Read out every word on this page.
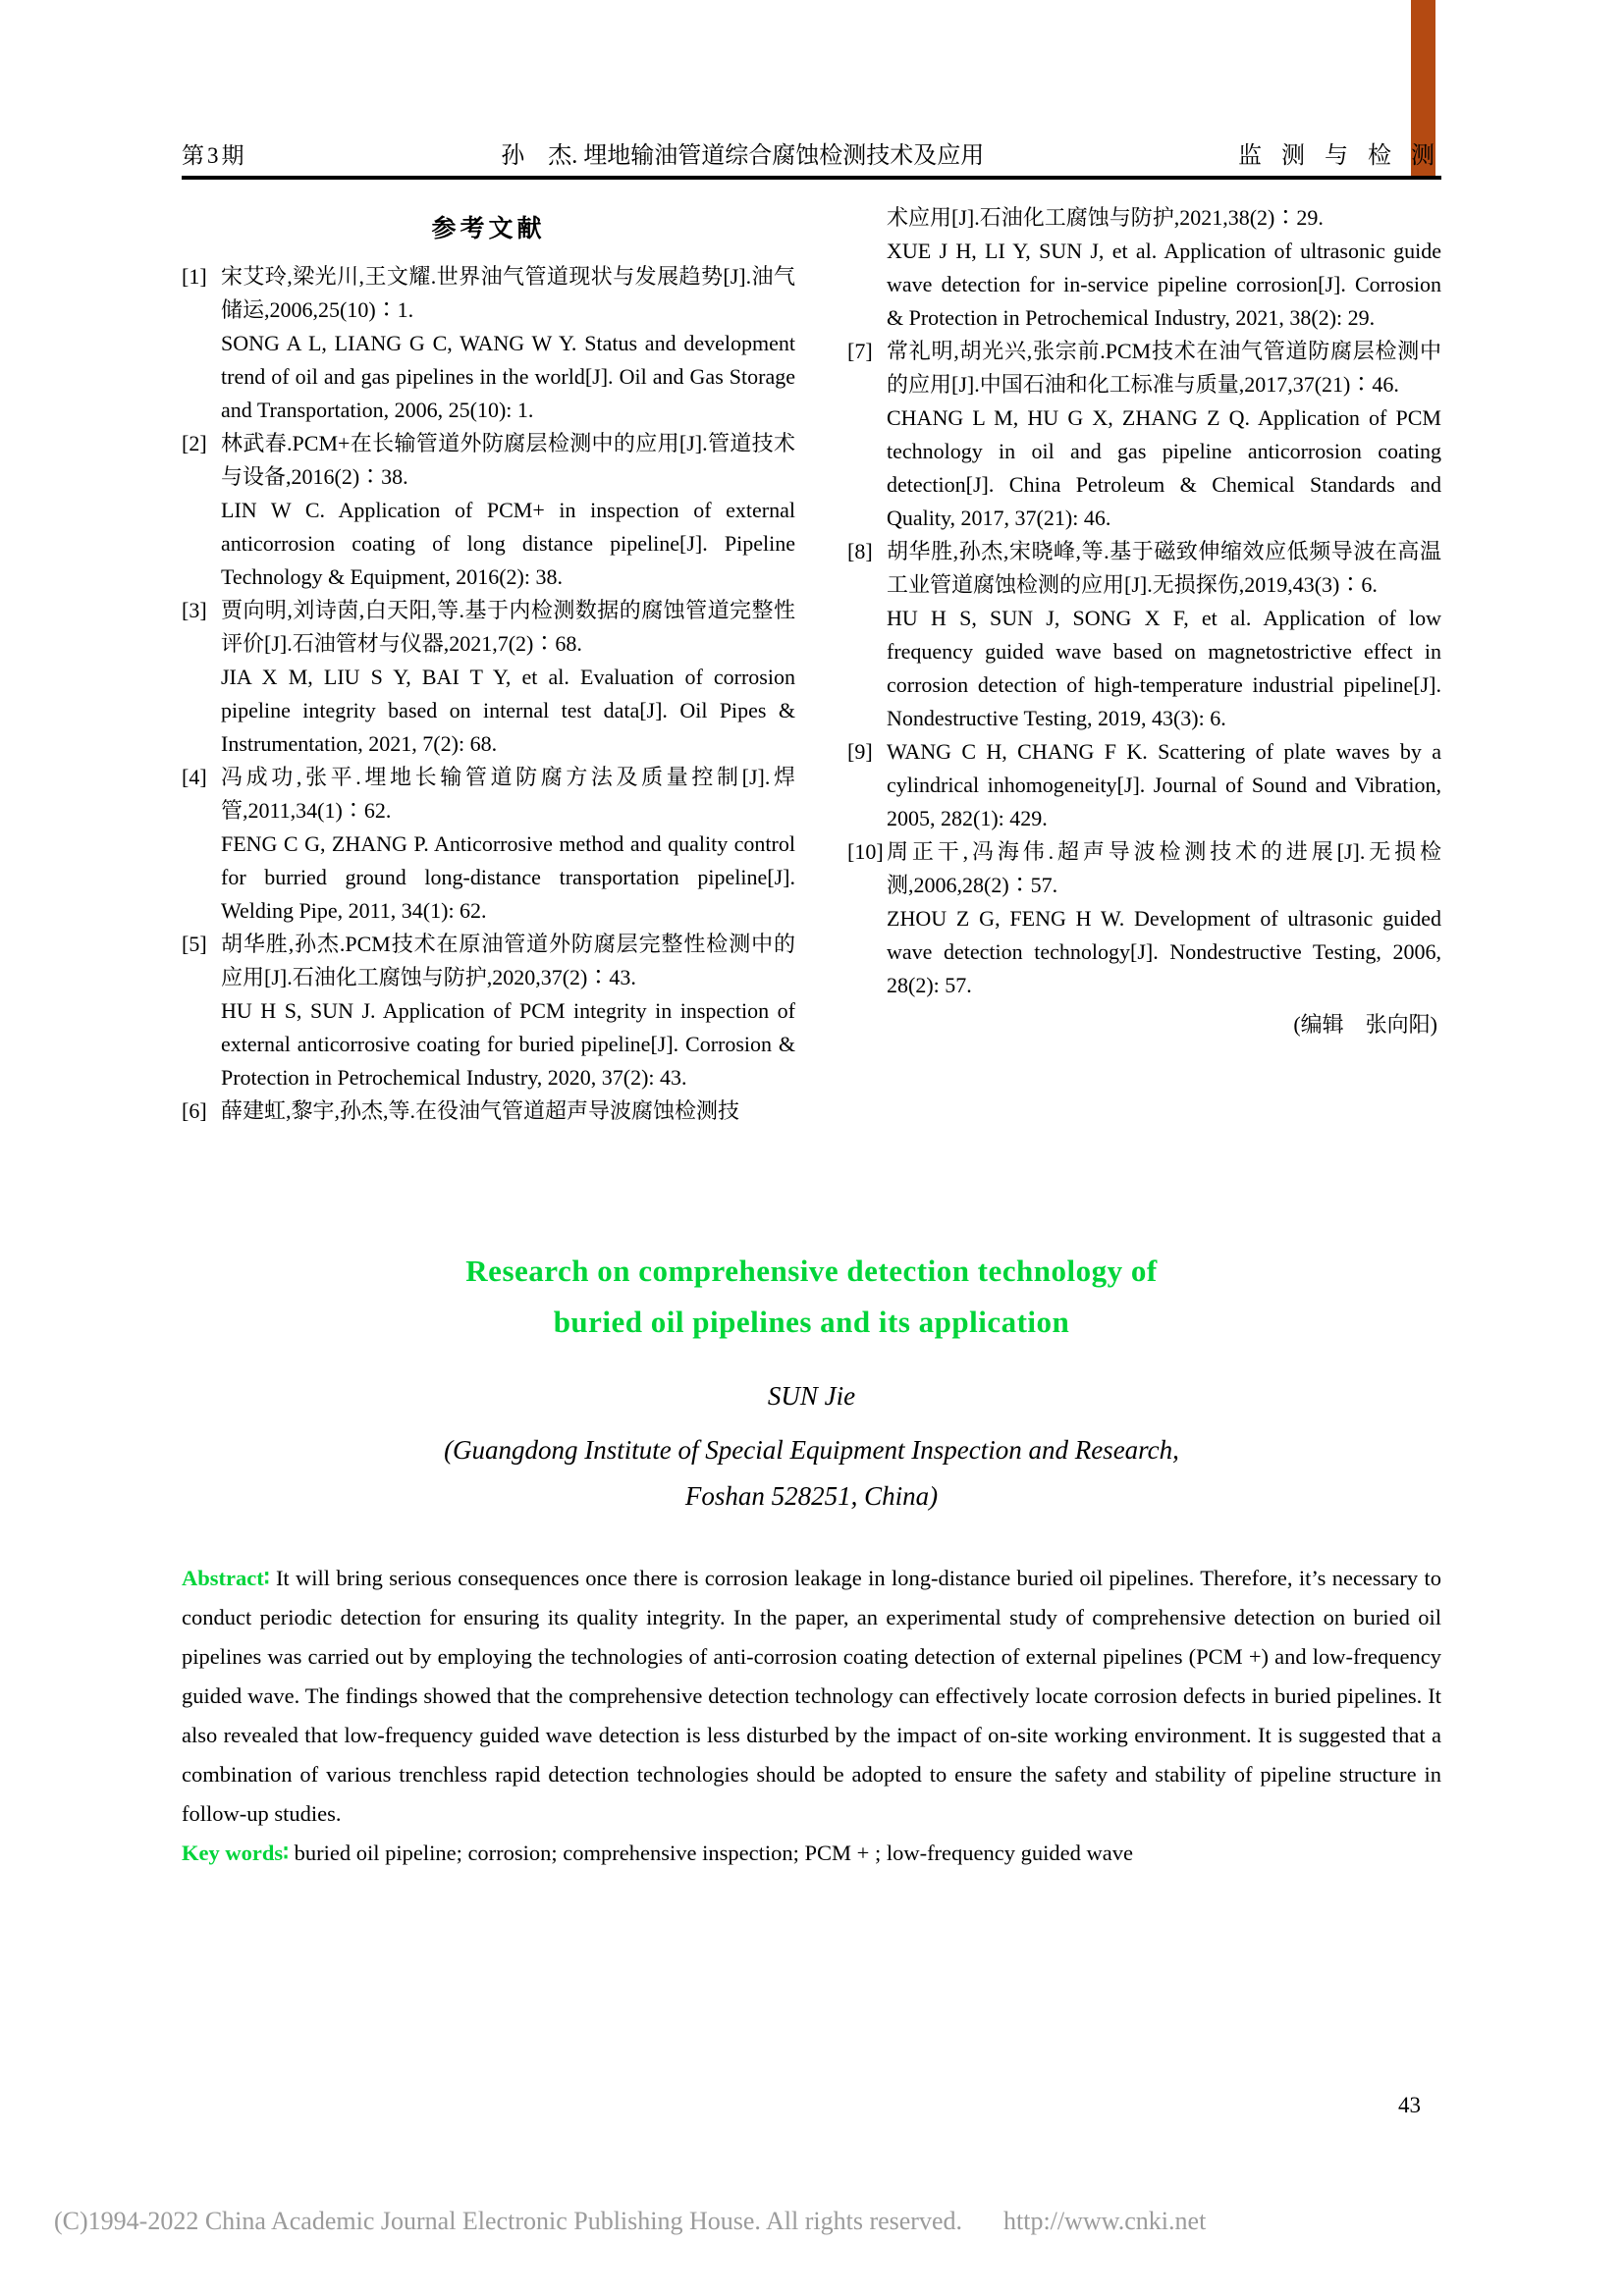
第3期	孙　杰. 埋地输油管道综合腐蚀检测技术及应用	监 测 与 检 测
参考文献
[1] 宋艾玲,梁光川,王文耀.世界油气管道现状与发展趋势[J].油气储运,2006,25(10)∶1.

SONG A L, LIANG G C, WANG W Y. Status and development trend of oil and gas pipelines in the world[J]. Oil and Gas Storage and Transportation, 2006, 25(10): 1.

[2] 林武春.PCM+在长输管道外防腐层检测中的应用[J].管道技术与设备,2016(2)∶38.

LIN W C. Application of PCM+ in inspection of external anticorrosion coating of long distance pipeline[J]. Pipeline Technology & Equipment, 2016(2): 38.

[3] 贾向明,刘诗茵,白天阳,等.基于内检测数据的腐蚀管道完整性评价[J].石油管材与仪器,2021,7(2)∶68.

JIA X M, LIU S Y, BAI T Y, et al. Evaluation of corrosion pipeline integrity based on internal test data[J]. Oil Pipes & Instrumentation, 2021, 7(2): 68.

[4] 冯成功,张平.埋地长输管道防腐方法及质量控制[J].焊管,2011,34(1)∶62.

FENG C G, ZHANG P. Anticorrosive method and quality control for burried ground long-distance transportation pipeline[J]. Welding Pipe, 2011, 34(1): 62.

[5] 胡华胜,孙杰.PCM技术在原油管道外防腐层完整性检测中的应用[J].石油化工腐蚀与防护,2020,37(2)∶43.

HU H S, SUN J. Application of PCM integrity in inspection of external anticorrosive coating for buried pipeline[J]. Corrosion & Protection in Petrochemical Industry, 2020, 37(2): 43.

[6] 薛建虹,黎宇,孙杰,等.在役油气管道超声导波腐蚀检测技

术应用[J].石油化工腐蚀与防护,2021,38(2)∶29.

XUE J H, LI Y, SUN J, et al. Application of ultrasonic guide wave detection for in-service pipeline corrosion[J]. Corrosion & Protection in Petrochemical Industry, 2021, 38(2): 29.

[7] 常礼明,胡光兴,张宗前.PCM技术在油气管道防腐层检测中的应用[J].中国石油和化工标准与质量,2017,37(21)∶46.

CHANG L M, HU G X, ZHANG Z Q. Application of PCM technology in oil and gas pipeline anticorrosion coating detection[J]. China Petroleum & Chemical Standards and Quality, 2017, 37(21): 46.

[8] 胡华胜,孙杰,宋晓峰,等.基于磁致伸缩效应低频导波在高温工业管道腐蚀检测的应用[J].无损探伤,2019,43(3)∶6.

HU H S, SUN J, SONG X F, et al. Application of low frequency guided wave based on magnetostrictive effect in corrosion detection of high-temperature industrial pipeline[J]. Nondestructive Testing, 2019, 43(3): 6.

[9] WANG C H, CHANG F K. Scattering of plate waves by a cylindrical inhomogeneity[J]. Journal of Sound and Vibration, 2005, 282(1): 429.

[10] 周正干,冯海伟.超声导波检测技术的进展[J].无损检测,2006,28(2)∶57.

ZHOU Z G, FENG H W. Development of ultrasonic guided wave detection technology[J]. Nondestructive Testing, 2006, 28(2): 57.

(编辑　张向阳)

Research on comprehensive detection technology of
buried oil pipelines and its application

SUN Jie

(Guangdong Institute of Special Equipment Inspection and Research,
Foshan 528251, China)

Abstract∶ It will bring serious consequences once there is corrosion leakage in long-distance buried oil pipelines. Therefore, it’s necessary to conduct periodic detection for ensuring its quality integrity. In the paper, an experimental study of comprehensive detection on buried oil pipelines was carried out by employing the technologies of anti-corrosion coating detection of external pipelines (PCM +) and low-frequency guided wave. The findings showed that the comprehensive detection technology can effectively locate corrosion defects in buried pipelines. It also revealed that low-frequency guided wave detection is less disturbed by the impact of on-site working environment. It is suggested that a combination of various trenchless rapid detection technologies should be adopted to ensure the safety and stability of pipeline structure in follow-up studies.

Key words∶ buried oil pipeline; corrosion; comprehensive inspection; PCM + ; low-frequency guided wave

43
(C)1994-2022 China Academic Journal Electronic Publishing House. All rights reserved. http://www.cnki.net
